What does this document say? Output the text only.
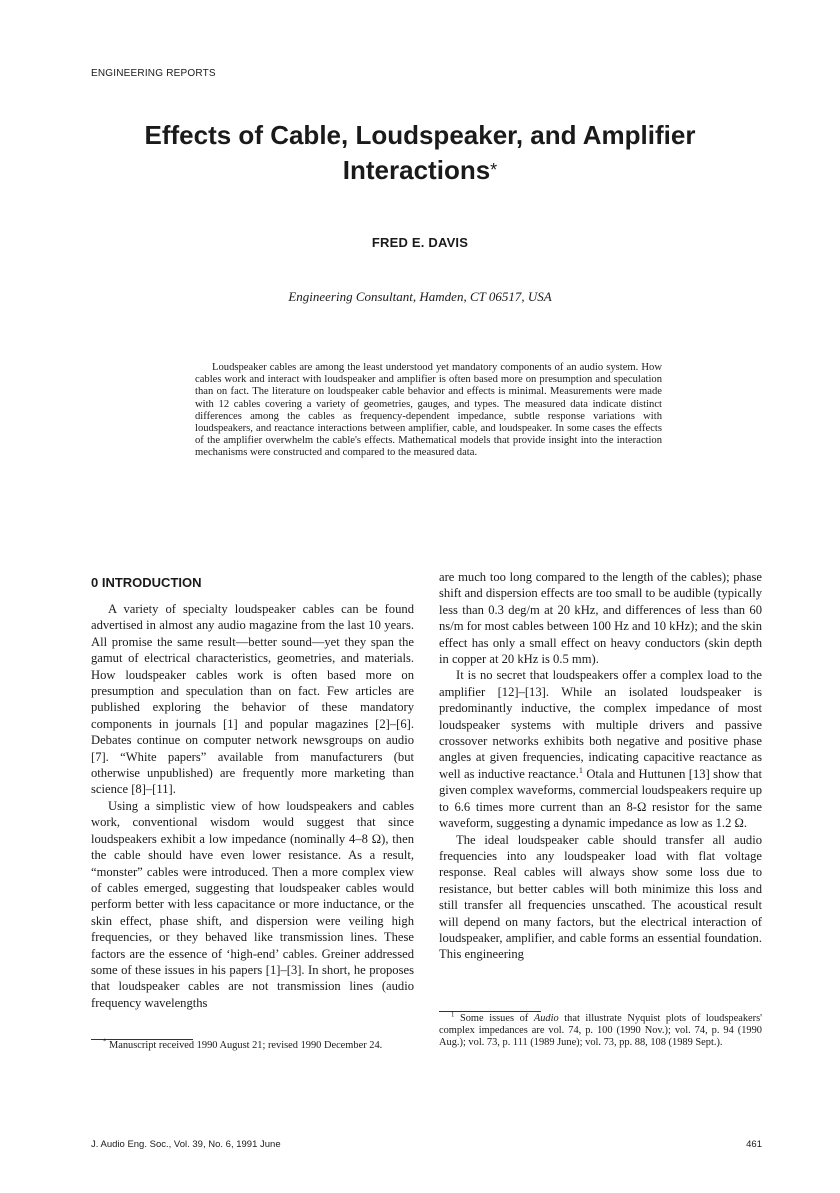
ENGINEERING REPORTS
Effects of Cable, Loudspeaker, and Amplifier
Interactions*
FRED E. DAVIS
Engineering Consultant, Hamden, CT 06517, USA

Loudspeaker cables are among the least understood yet mandatory components of an audio system. How cables work and interact with loudspeaker and amplifier is often based more on presumption and speculation than on fact. The literature on loudspeaker cable behavior and effects is minimal. Measurements were made with 12 cables covering a variety of geometries, gauges, and types. The measured data indicate distinct differences among the cables as frequency-dependent impedance, subtle response variations with loudspeakers, and reactance interactions between amplifier, cable, and loudspeaker. In some cases the effects of the amplifier overwhelm the cable's effects. Mathematical models that provide insight into the interaction mechanisms were constructed and compared to the measured data.

0 INTRODUCTION

A variety of specialty loudspeaker cables can be found advertised in almost any audio magazine from the last 10 years. All promise the same result—better sound—yet they span the gamut of electrical characteristics, geometries, and materials. How loudspeaker cables work is often based more on presumption and speculation than on fact. Few articles are published exploring the behavior of these mandatory components in journals [1] and popular magazines [2]–[6]. Debates continue on computer network newsgroups on audio [7]. “White papers” available from manufacturers (but otherwise unpublished) are frequently more marketing than science [8]–[11].

Using a simplistic view of how loudspeakers and cables work, conventional wisdom would suggest that since loudspeakers exhibit a low impedance (nominally 4–8 Ω), then the cable should have even lower resistance. As a result, “monster” cables were introduced. Then a more complex view of cables emerged, suggesting that loudspeaker cables would perform better with less capacitance or more inductance, or the skin effect, phase shift, and dispersion were veiling high frequencies, or they behaved like transmission lines. These factors are the essence of ‘high-end’ cables. Greiner addressed some of these issues in his papers [1]–[3]. In short, he proposes that loudspeaker cables are not transmission lines (audio frequency wavelengths

are much too long compared to the length of the cables); phase shift and dispersion effects are too small to be audible (typically less than 0.3 deg/m at 20 kHz, and differences of less than 60 ns/m for most cables between 100 Hz and 10 kHz); and the skin effect has only a small effect on heavy conductors (skin depth in copper at 20 kHz is 0.5 mm).

It is no secret that loudspeakers offer a complex load to the amplifier [12]–[13]. While an isolated loudspeaker is predominantly inductive, the complex impedance of most loudspeaker systems with multiple drivers and passive crossover networks exhibits both negative and positive phase angles at given frequencies, indicating capacitive reactance as well as inductive reactance.$^1$ Otala and Huttunen [13] show that given complex waveforms, commercial loudspeakers require up to 6.6 times more current than an 8-Ω resistor for the same waveform, suggesting a dynamic impedance as low as 1.2 Ω.

The ideal loudspeaker cable should transfer all audio frequencies into any loudspeaker load with flat voltage response. Real cables will always show some loss due to resistance, but better cables will both minimize this loss and still transfer all frequencies unscathed. The acoustical result will depend on many factors, but the electrical interaction of loudspeaker, amplifier, and cable forms an essential foundation. This engineering

* Manuscript received 1990 August 21; revised 1990 December 24.

$^1$ Some issues of Audio that illustrate Nyquist plots of loudspeakers' complex impedances are vol. 74, p. 100 (1990 Nov.); vol. 74, p. 94 (1990 Aug.); vol. 73, p. 111 (1989 June); vol. 73, pp. 88, 108 (1989 Sept.).

J. Audio Eng. Soc., Vol. 39, No. 6, 1991 June	461
